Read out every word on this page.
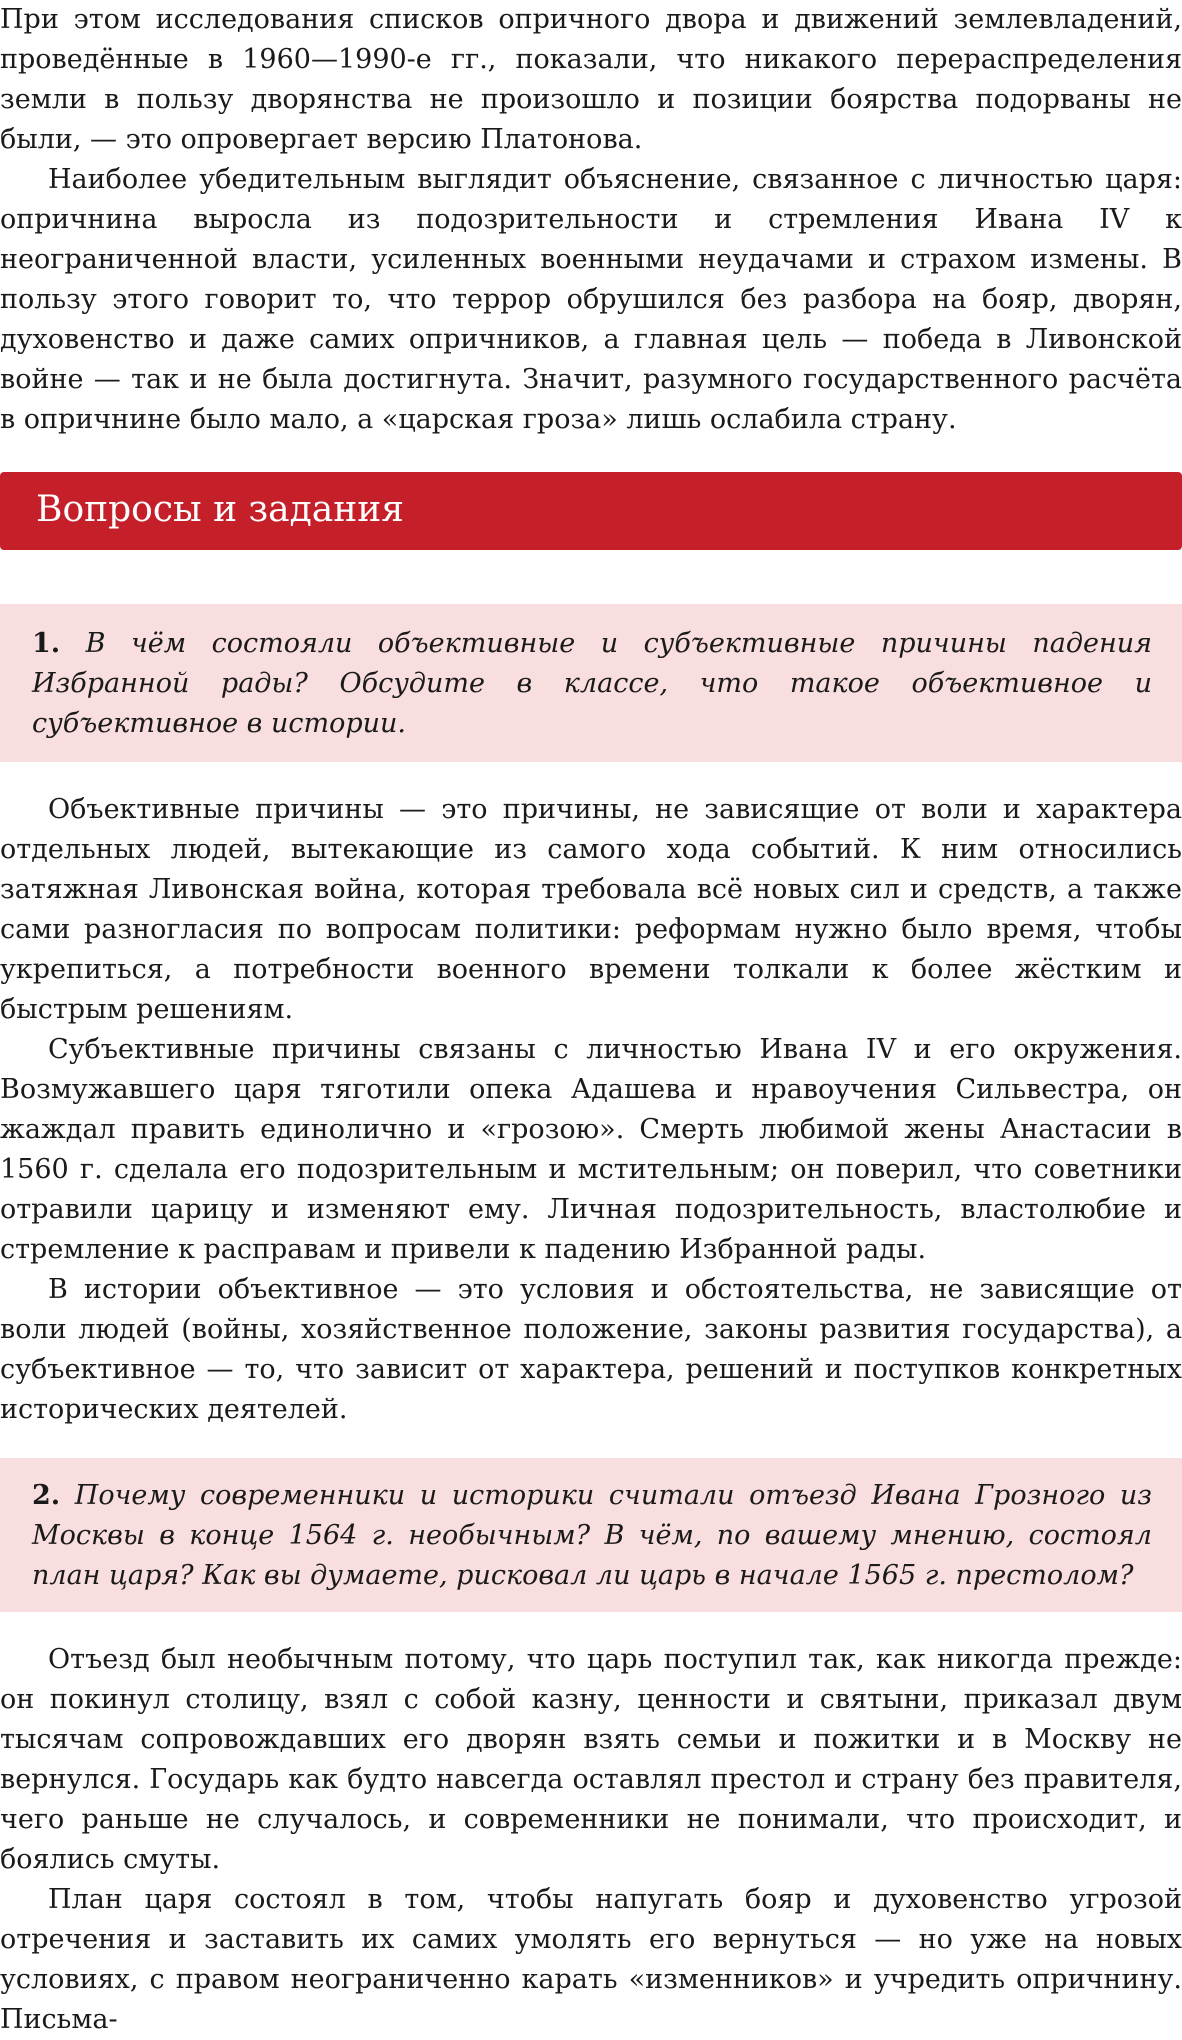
При этом исследования списков опричного двора и движений землевладений, проведённые в 1960—1990-е гг., показали, что никакого перераспределения земли в пользу дворянства не произошло и позиции боярства подорваны не были, — это опровергает версию Платонова.

Наиболее убедительным выглядит объяснение, связанное с личностью царя: опричнина выросла из подозрительности и стремления Ивана IV к неограниченной власти, усиленных военными неудачами и страхом измены. В пользу этого говорит то, что террор обрушился без разбора на бояр, дворян, духовенство и даже самих опричников, а главная цель — победа в Ливонской войне — так и не была достигнута. Значит, разумного государственного расчёта в опричнине было мало, а «царская гроза» лишь ослабила страну.

Вопросы и задания

1. В чём состояли объективные и субъективные причины падения Избранной рады? Обсудите в классе, что такое объективное и субъективное в истории.

Объективные причины — это причины, не зависящие от воли и характера отдельных людей, вытекающие из самого хода событий. К ним относились затяжная Ливонская война, которая требовала всё новых сил и средств, а также сами разногласия по вопросам политики: реформам нужно было время, чтобы укрепиться, а потребности военного времени толкали к более жёстким и быстрым решениям.

Субъективные причины связаны с личностью Ивана IV и его окружения. Возмужавшего царя тяготили опека Адашева и нравоучения Сильвестра, он жаждал править единолично и «грозою». Смерть любимой жены Анастасии в 1560 г. сделала его подозрительным и мстительным; он поверил, что советники отравили царицу и изменяют ему. Личная подозрительность, властолюбие и стремление к расправам и привели к падению Избранной рады.

В истории объективное — это условия и обстоятельства, не зависящие от воли людей (войны, хозяйственное положение, законы развития государства), а субъективное — то, что зависит от характера, решений и поступков конкретных исторических деятелей.

2. Почему современники и историки считали отъезд Ивана Грозного из Москвы в конце 1564 г. необычным? В чём, по вашему мнению, состоял план царя? Как вы думаете, рисковал ли царь в начале 1565 г. престолом?

Отъезд был необычным потому, что царь поступил так, как никогда прежде: он покинул столицу, взял с собой казну, ценности и святыни, приказал двум тысячам сопровождавших его дворян взять семьи и пожитки и в Москву не вернулся. Государь как будто навсегда оставлял престол и страну без правителя, чего раньше не случалось, и современники не понимали, что происходит, и боялись смуты.

План царя состоял в том, чтобы напугать бояр и духовенство угрозой отречения и заставить их самих умолять его вернуться — но уже на новых условиях, с правом неограниченно карать «изменников» и учредить опричнину. Письма-
